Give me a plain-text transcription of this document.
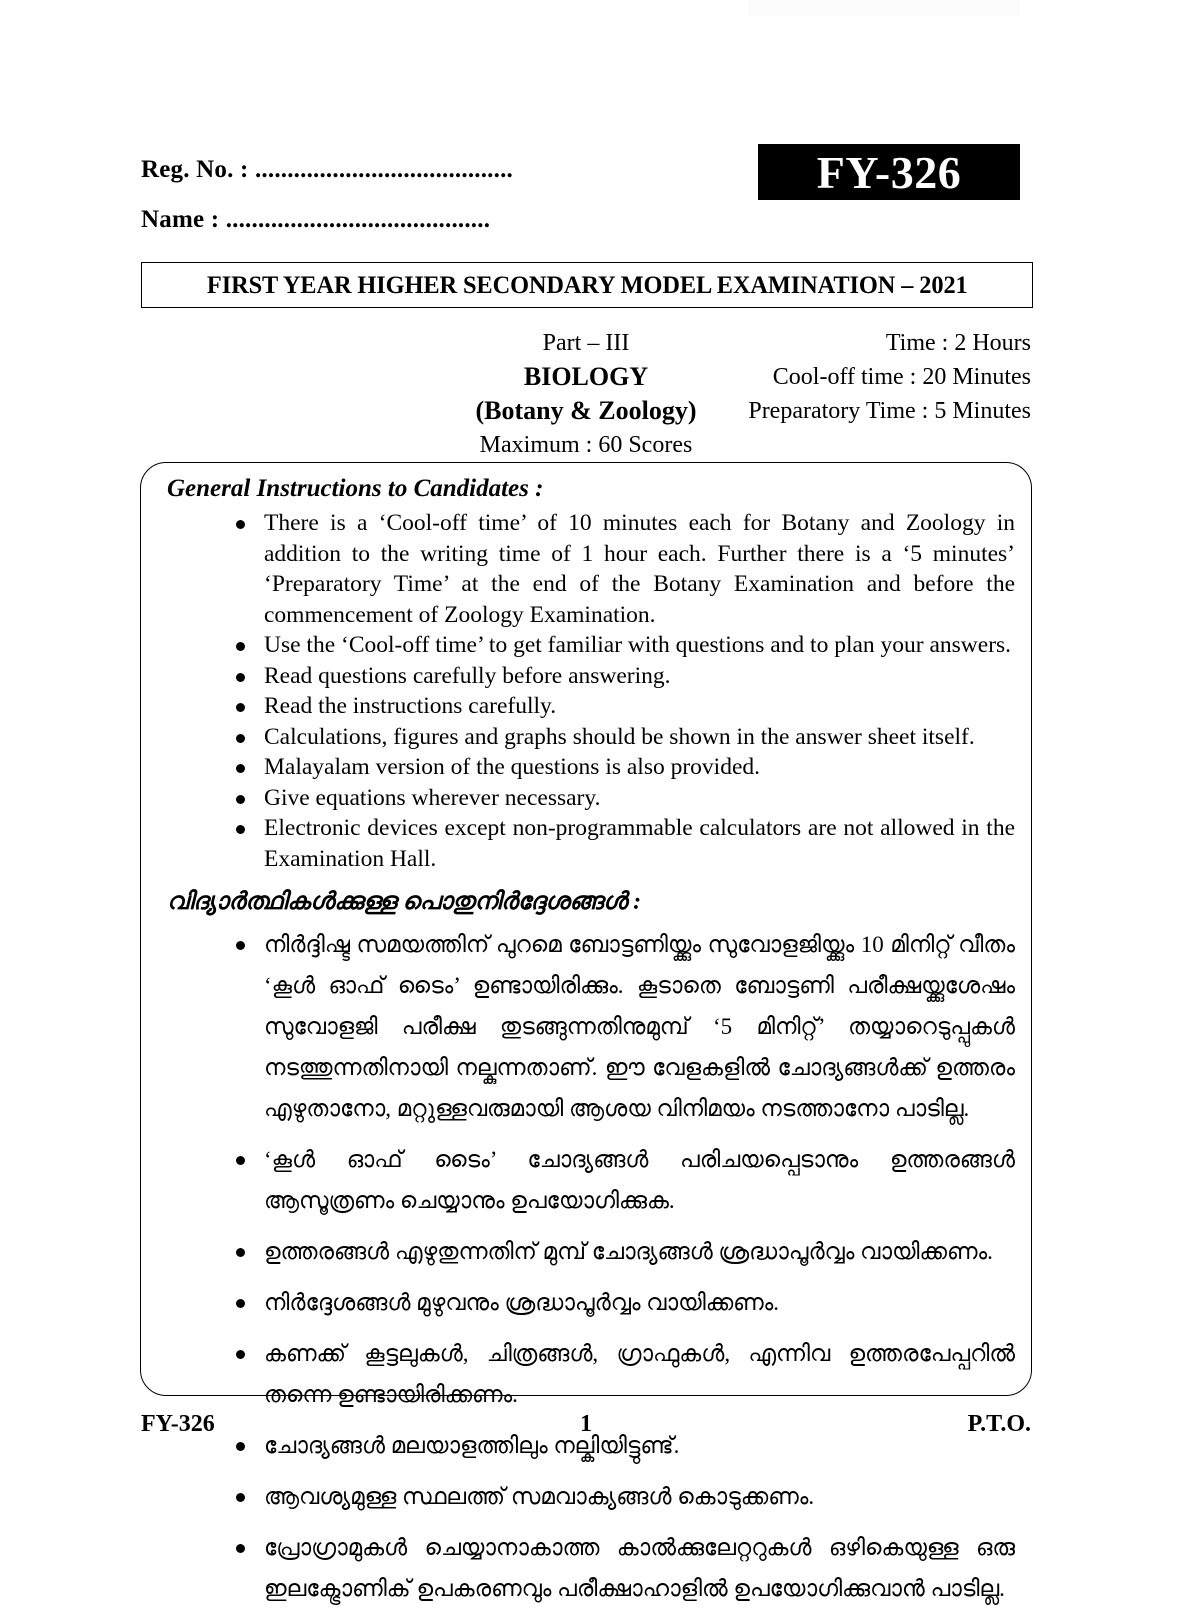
Reg. No. : ........................................
Name : .........................................
FY-326
FIRST YEAR HIGHER SECONDARY MODEL EXAMINATION – 2021
Part – III
BIOLOGY
(Botany & Zoology)
Maximum : 60 Scores
Time : 2 Hours
Cool-off time : 20 Minutes
Preparatory Time : 5 Minutes
General Instructions to Candidates :
There is a ‘Cool-off time’ of 10 minutes each for Botany and Zoology in addition to the writing time of 1 hour each. Further there is a ‘5 minutes’ ‘Preparatory Time’ at the end of the Botany Examination and before the commencement of Zoology Examination.
Use the ‘Cool-off time’ to get familiar with questions and to plan your answers.
Read questions carefully before answering.
Read the instructions carefully.
Calculations, figures and graphs should be shown in the answer sheet itself.
Malayalam version of the questions is also provided.
Give equations wherever necessary.
Electronic devices except non-programmable calculators are not allowed in the Examination Hall.
വിദ്യാർത്ഥികൾക്കുള്ള പൊതുനിർദ്ദേശങ്ങൾ :
നിർദ്ദിഷ്ട സമയത്തിന് പുറമെ ബോട്ടണിയ്ക്കും സുവോളജിയ്ക്കും 10 മിനിറ്റ് വീതം ‘കൂൾ ഓഫ് ടൈം’ ഉണ്ടായിരിക്കും. കൂടാതെ ബോട്ടണി പരീക്ഷയ്ക്കുശേഷം സുവോളജി പരീക്ഷ തുടങ്ങുന്നതിനുമുമ്പ് ‘5 മിനിറ്റ്’ തയ്യാറെടുപ്പുകൾ നടത്തുന്നതിനായി നല്കുന്നതാണ്. ഈ വേളകളിൽ ചോദ്യങ്ങൾക്ക് ഉത്തരം എഴുതാനോ, മറ്റുള്ളവരുമായി ആശയ വിനിമയം നടത്താനോ പാടില്ല.
‘കൂൾ ഓഫ് ടൈം’ ചോദ്യങ്ങൾ പരിചയപ്പെടാനും ഉത്തരങ്ങൾ ആസൂത്രണം ചെയ്യാനും ഉപയോഗിക്കുക.
ഉത്തരങ്ങൾ എഴുതുന്നതിന് മുമ്പ് ചോദ്യങ്ങൾ ശ്രദ്ധാപൂർവ്വം വായിക്കണം.
നിർദ്ദേശങ്ങൾ മുഴുവനും ശ്രദ്ധാപൂർവ്വം വായിക്കണം.
കണക്ക് കൂട്ടലുകൾ, ചിത്രങ്ങൾ, ഗ്രാഫുകൾ, എന്നിവ ഉത്തരപേപ്പറിൽ തന്നെ ഉണ്ടായിരിക്കണം.
ചോദ്യങ്ങൾ മലയാളത്തിലും നല്കിയിട്ടുണ്ട്.
ആവശ്യമുള്ള സ്ഥലത്ത് സമവാക്യങ്ങൾ കൊടുക്കണം.
പ്രോഗ്രാമുകൾ ചെയ്യാനാകാത്ത കാൽക്കുലേറ്ററുകൾ ഒഴികെയുള്ള ഒരു ഇലക്ട്രോണിക് ഉപകരണവും പരീക്ഷാഹാളിൽ ഉപയോഗിക്കുവാൻ പാടില്ല.
FY-326	1	P.T.O.
